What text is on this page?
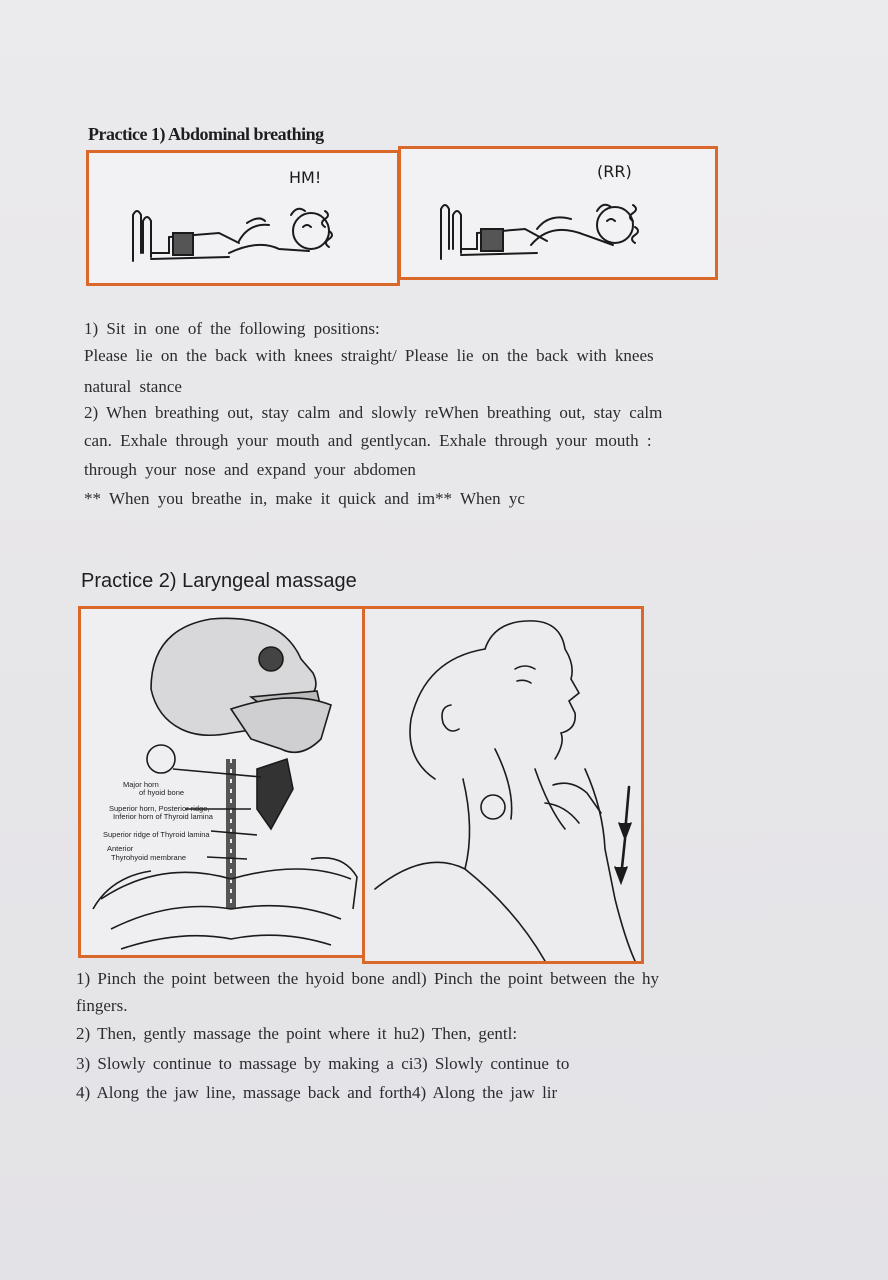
Practice 1) Abdominal breathing
HM!	(RR)
1) Sit in one of the following positions:
Please lie on the back with knees straight/ Please lie on the back with knees
natural stance
2) When breathing out, stay calm and slowly reWhen breathing out, stay calm
can. Exhale through your mouth and gentlycan. Exhale through your mouth :
through your nose and expand your abdomen
** When you breathe in, make it quick and im** When yc
Practice 2) Laryngeal massage
Major horn
of hyoid bone
Superior horn, Posterior ridge,
Inferior horn of Thyroid lamina
Superior ridge of Thyroid lamina
Anterior
Thyrohyoid membrane
1) Pinch the point between the hyoid bone andl) Pinch the point between the hy
fingers.
2) Then, gently massage the point where it hu2) Then, gentl:
3) Slowly continue to massage by making a ci3) Slowly continue to
4) Along the jaw line, massage back and forth4) Along the jaw lir
